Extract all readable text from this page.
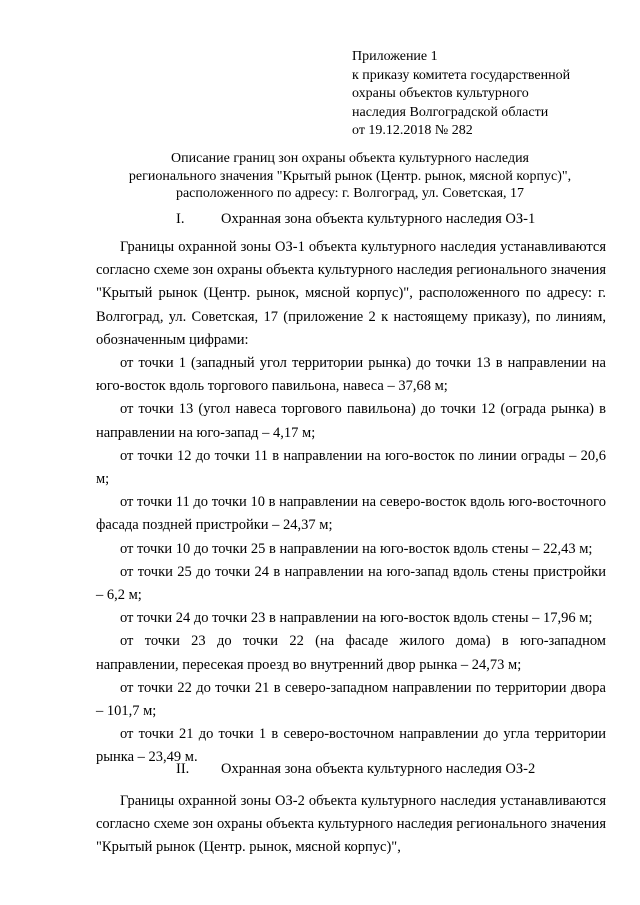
Приложение 1
к приказу комитета государственной
охраны объектов культурного
наследия Волгоградской области
от 19.12.2018 № 282
Описание границ зон охраны объекта культурного наследия
регионального значения "Крытый рынок (Центр. рынок, мясной корпус)",
расположенного по адресу: г. Волгоград, ул. Советская, 17
I.	Охранная зона объекта культурного наследия ОЗ-1
II. Охранная зона объекта культурного наследия ОЗ-2

Границы охранной зоны ОЗ-1 объекта культурного наследия устанавливаются согласно схеме зон охраны объекта культурного наследия регионального значения "Крытый рынок (Центр. рынок, мясной корпус)", расположенного по адресу: г. Волгоград, ул. Советская, 17 (приложение 2 к настоящему приказу), по линиям, обозначенным цифрами:

от точки 1 (западный угол территории рынка) до точки 13 в направлении на юго-восток вдоль торгового павильона, навеса – 37,68 м;

от точки 13 (угол навеса торгового павильона) до точки 12 (ограда рынка) в направлении на юго-запад – 4,17 м;

от точки 12 до точки 11 в направлении на юго-восток по линии ограды – 20,6 м;

от точки 11 до точки 10 в направлении на северо-восток вдоль юго-восточного фасада поздней пристройки – 24,37 м;

от точки 10 до точки 25 в направлении на юго-восток вдоль стены – 22,43 м;

от точки 25 до точки 24 в направлении на юго-запад вдоль стены пристройки – 6,2 м;

от точки 24 до точки 23 в направлении на юго-восток вдоль стены – 17,96 м;

от точки 23 до точки 22 (на фасаде жилого дома) в юго-западном направлении, пересекая проезд во внутренний двор рынка – 24,73 м;

от точки 22 до точки 21 в северо-западном направлении по территории двора – 101,7 м;

от точки 21 до точки 1 в северо-восточном направлении до угла территории рынка – 23,49 м.

Границы охранной зоны ОЗ-2 объекта культурного наследия устанавливаются согласно схеме зон охраны объекта культурного наследия регионального значения "Крытый рынок (Центр. рынок, мясной корпус)",
